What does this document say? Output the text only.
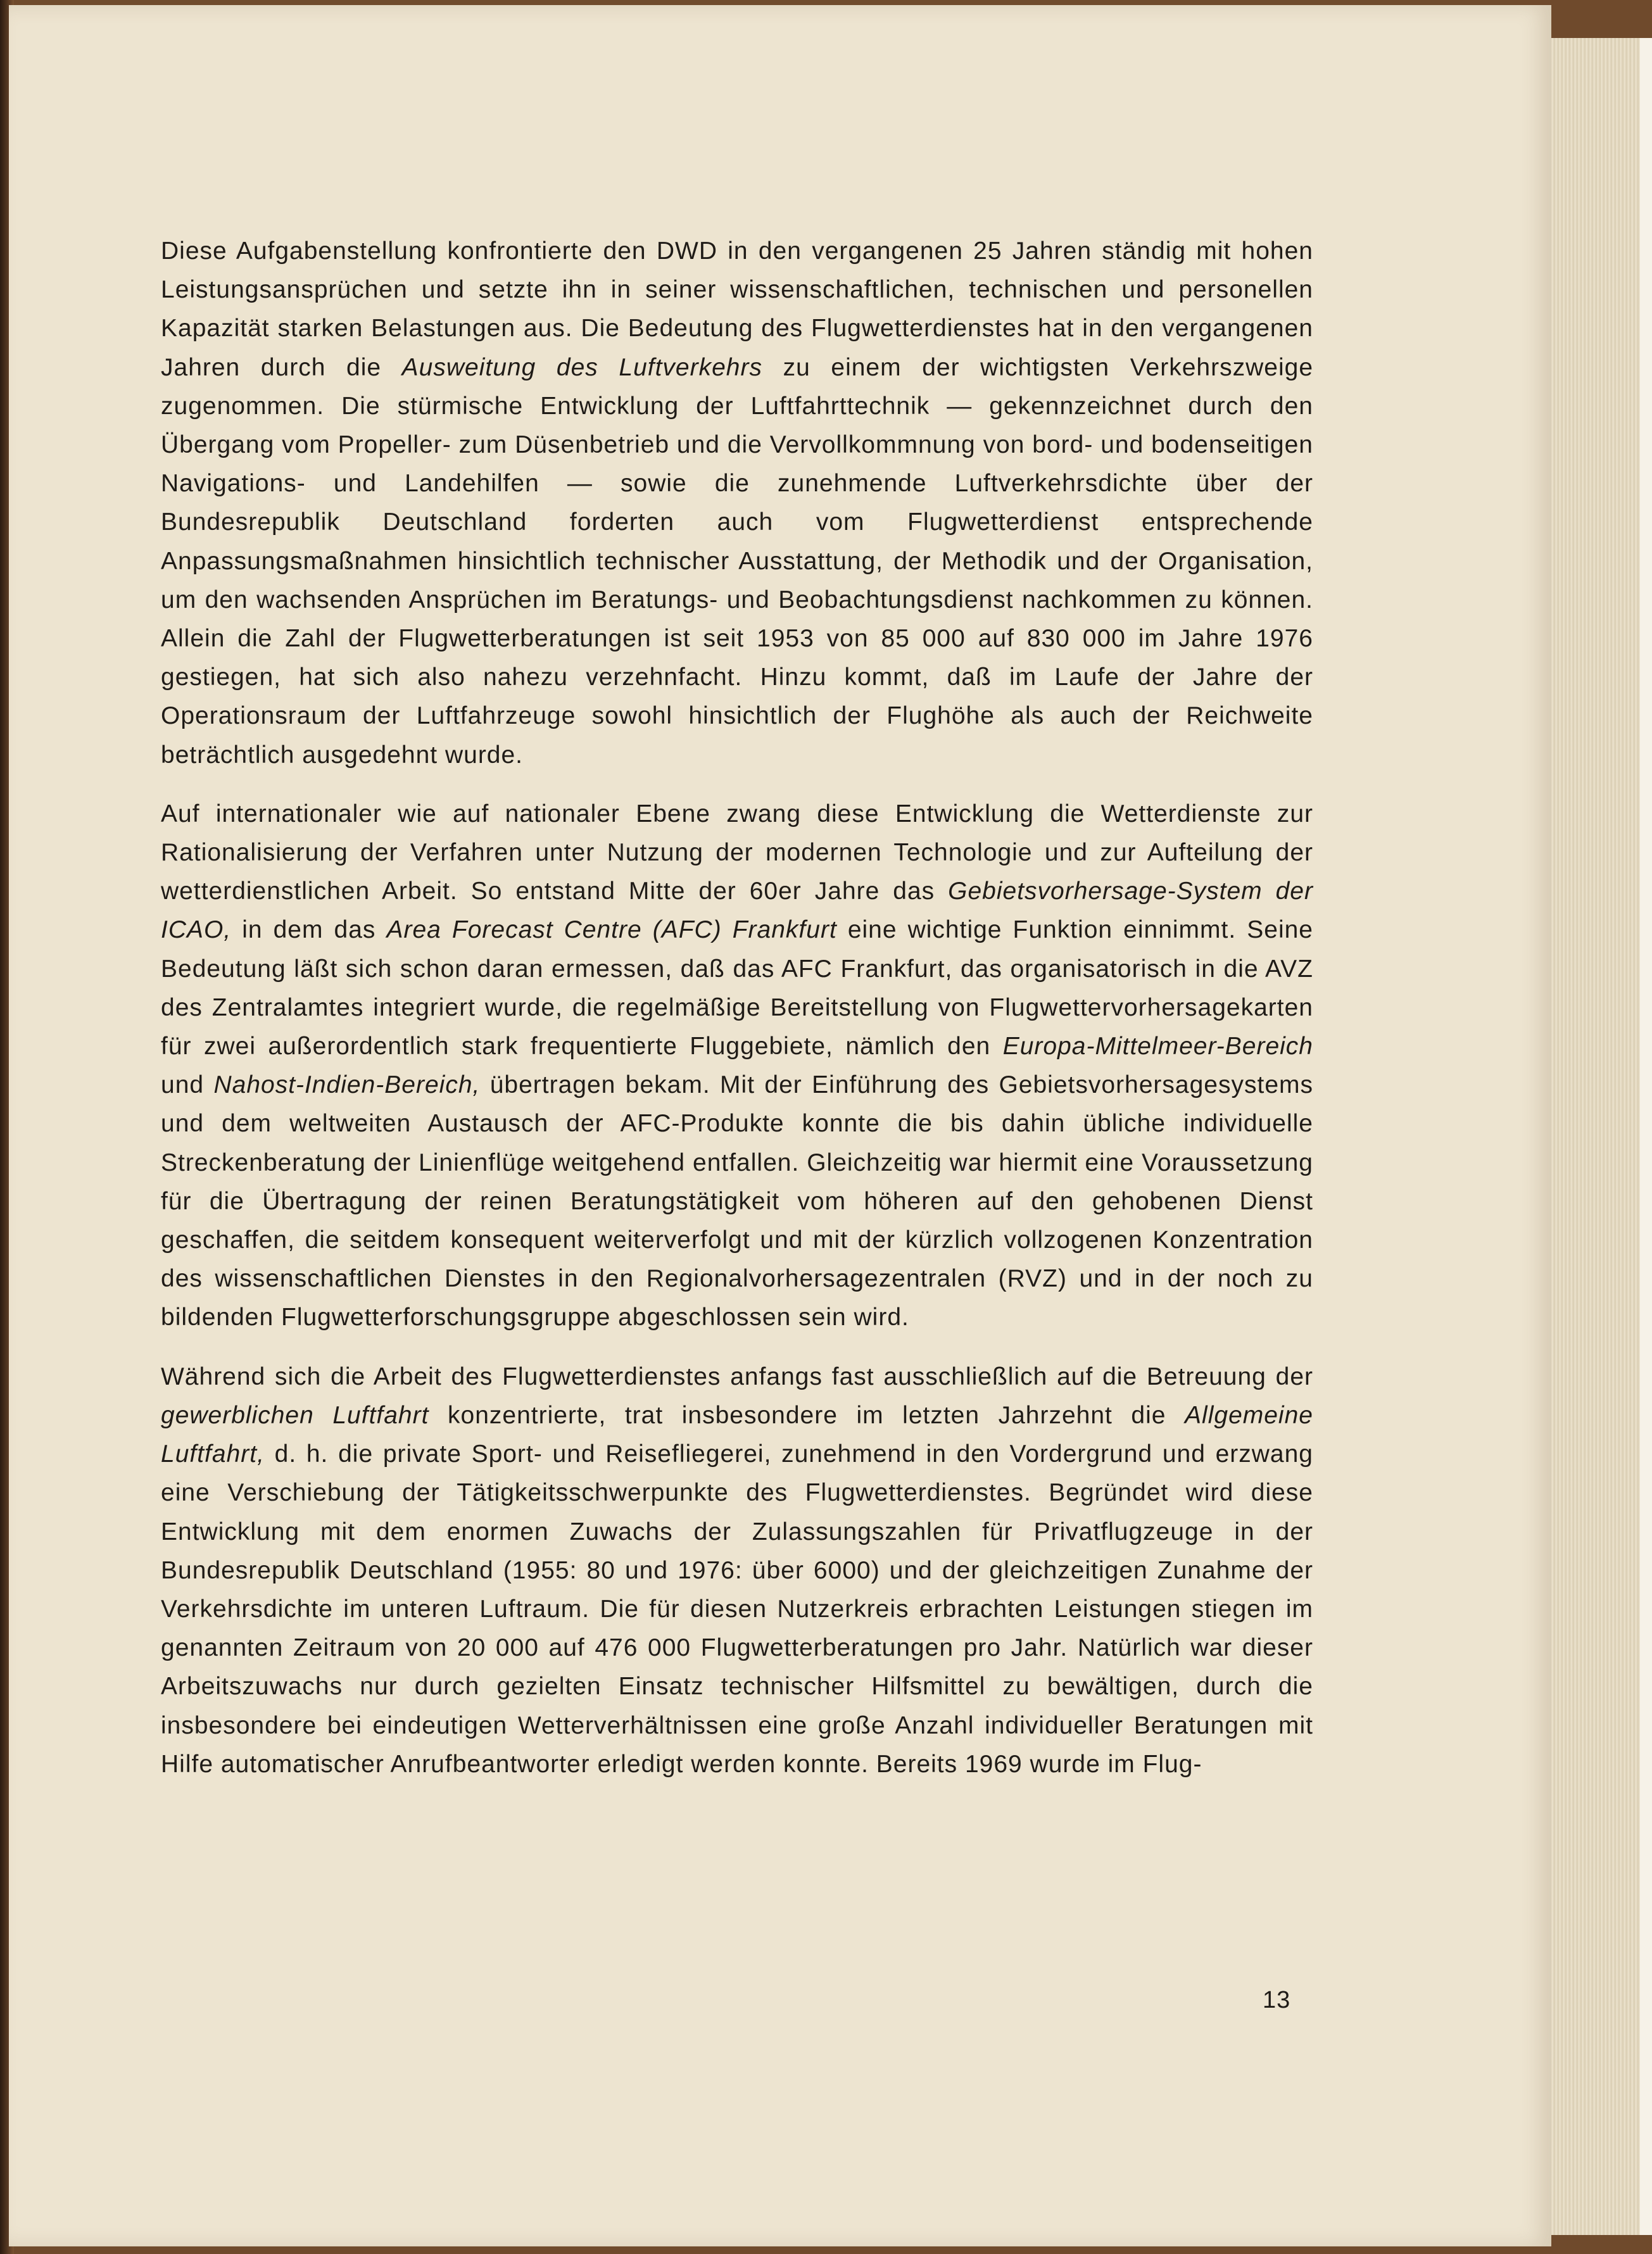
Diese Aufgabenstellung konfrontierte den DWD in den vergangenen 25 Jahren ständig mit hohen Leistungsansprüchen und setzte ihn in seiner wissenschaftlichen, technischen und personellen Kapazität starken Belastungen aus. Die Bedeutung des Flugwetterdienstes hat in den vergangenen Jahren durch die Ausweitung des Luftverkehrs zu einem der wichtigsten Verkehrszweige zugenommen. Die stürmische Entwicklung der Luftfahrttechnik — gekennzeichnet durch den Übergang vom Propeller- zum Düsenbetrieb und die Vervollkommnung von bord- und bodenseitigen Navigations- und Landehilfen — sowie die zunehmende Luftverkehrsdichte über der Bundesrepublik Deutschland forderten auch vom Flugwetterdienst entsprechende Anpassungsmaßnahmen hinsichtlich technischer Ausstattung, der Methodik und der Organisation, um den wachsenden Ansprüchen im Beratungs- und Beobachtungsdienst nachkommen zu können. Allein die Zahl der Flugwetterberatungen ist seit 1953 von 85 000 auf 830 000 im Jahre 1976 gestiegen, hat sich also nahezu verzehnfacht. Hinzu kommt, daß im Laufe der Jahre der Operationsraum der Luftfahrzeuge sowohl hinsichtlich der Flughöhe als auch der Reichweite beträchtlich ausgedehnt wurde.

Auf internationaler wie auf nationaler Ebene zwang diese Entwicklung die Wetterdienste zur Rationalisierung der Verfahren unter Nutzung der modernen Technologie und zur Aufteilung der wetterdienstlichen Arbeit. So entstand Mitte der 60er Jahre das Gebietsvorhersage-System der ICAO, in dem das Area Forecast Centre (AFC) Frankfurt eine wichtige Funktion einnimmt. Seine Bedeutung läßt sich schon daran ermessen, daß das AFC Frankfurt, das organisatorisch in die AVZ des Zentralamtes integriert wurde, die regelmäßige Bereitstellung von Flugwettervorhersagekarten für zwei außerordentlich stark frequentierte Fluggebiete, nämlich den Europa-Mittelmeer-Bereich und Nahost-Indien-Bereich, übertragen bekam. Mit der Einführung des Gebietsvorhersagesystems und dem weltweiten Austausch der AFC-Produkte konnte die bis dahin übliche individuelle Streckenberatung der Linienflüge weitgehend entfallen. Gleichzeitig war hiermit eine Voraussetzung für die Übertragung der reinen Beratungstätigkeit vom höheren auf den gehobenen Dienst geschaffen, die seitdem konsequent weiterverfolgt und mit der kürzlich vollzogenen Konzentration des wissenschaftlichen Dienstes in den Regionalvorhersagezentralen (RVZ) und in der noch zu bildenden Flugwetterforschungsgruppe abgeschlossen sein wird.

Während sich die Arbeit des Flugwetterdienstes anfangs fast ausschließlich auf die Betreuung der gewerblichen Luftfahrt konzentrierte, trat insbesondere im letzten Jahrzehnt die Allgemeine Luftfahrt, d. h. die private Sport- und Reisefliegerei, zunehmend in den Vordergrund und erzwang eine Verschiebung der Tätigkeitsschwerpunkte des Flugwetterdienstes. Begründet wird diese Entwicklung mit dem enormen Zuwachs der Zulassungszahlen für Privatflugzeuge in der Bundesrepublik Deutschland (1955: 80 und 1976: über 6000) und der gleichzeitigen Zunahme der Verkehrsdichte im unteren Luftraum. Die für diesen Nutzerkreis erbrachten Leistungen stiegen im genannten Zeitraum von 20 000 auf 476 000 Flugwetterberatungen pro Jahr. Natürlich war dieser Arbeitszuwachs nur durch gezielten Einsatz technischer Hilfsmittel zu bewältigen, durch die insbesondere bei eindeutigen Wetterverhältnissen eine große Anzahl individueller Beratungen mit Hilfe automatischer Anrufbeantworter erledigt werden konnte. Bereits 1969 wurde im Flug-

13
